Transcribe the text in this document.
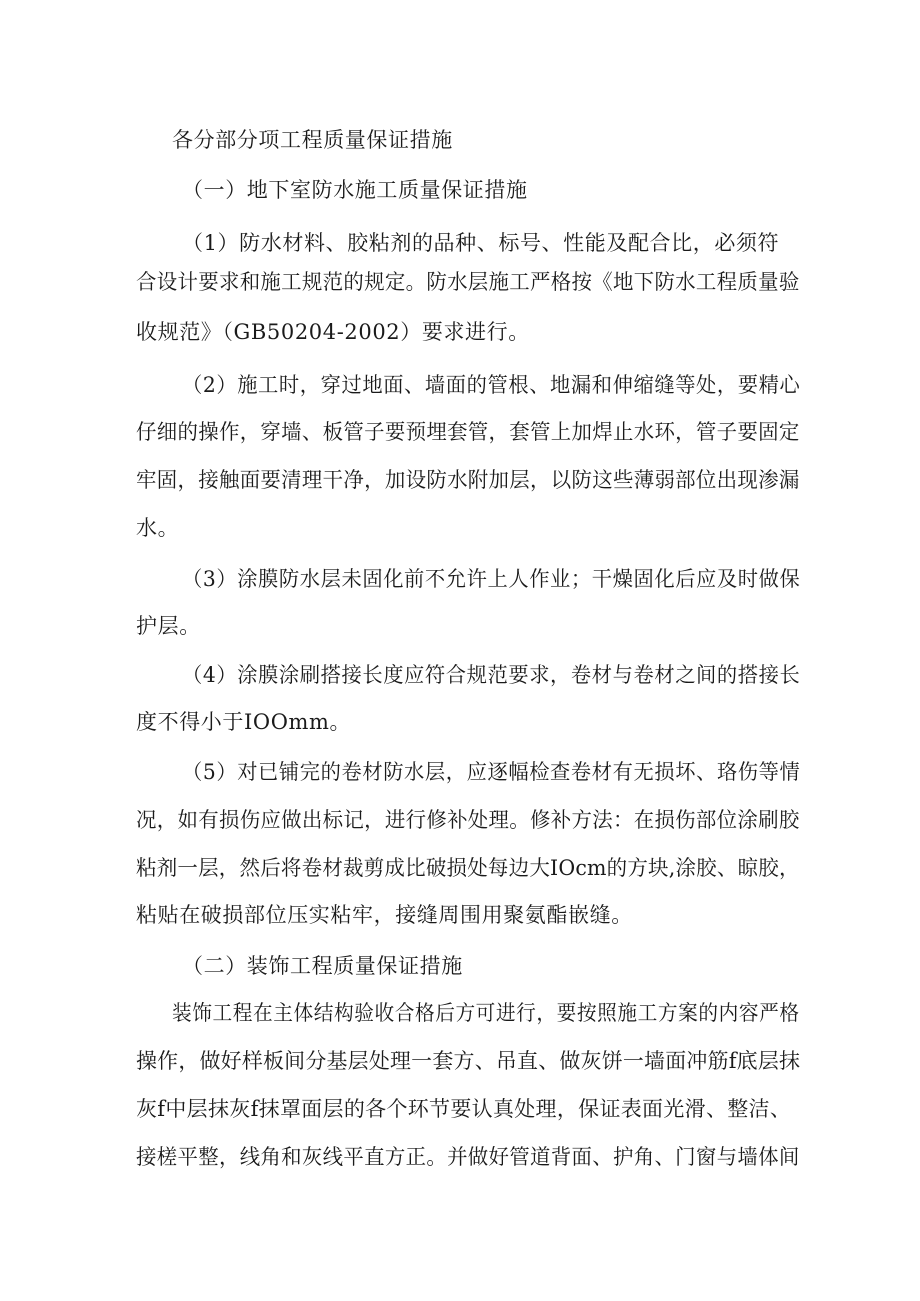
各分部分项工程质量保证措施
（一）地下室防水施工质量保证措施
（1）防水材料、胶粘剂的品种、标号、性能及配合比，必须符
合设计要求和施工规范的规定。防水层施工严格按《地下防水工程质量验
收规范》（GB50204-2002）要求进行。
（2）施工时，穿过地面、墙面的管根、地漏和伸缩缝等处，要精心
仔细的操作，穿墙、板管子要预埋套管，套管上加焊止水环，管子要固定
牢固，接触面要清理干净，加设防水附加层，以防这些薄弱部位出现渗漏
水。
（3）涂膜防水层未固化前不允许上人作业；干燥固化后应及时做保
护层。
（4）涂膜涂刷搭接长度应符合规范要求，卷材与卷材之间的搭接长
度不得小于IOOmm。
（5）对已铺完的卷材防水层，应逐幅检查卷材有无损坏、珞伤等情
况，如有损伤应做出标记，进行修补处理。修补方法：在损伤部位涂刷胶
粘剂一层，然后将卷材裁剪成比破损处每边大IOcm的方块,涂胶、晾胶，
粘贴在破损部位压实粘牢，接缝周围用聚氨酯嵌缝。
（二）装饰工程质量保证措施
装饰工程在主体结构验收合格后方可进行，要按照施工方案的内容严格
操作，做好样板间分基层处理一套方、吊直、做灰饼一墙面冲筋f底层抹
灰f中层抹灰f抹罩面层的各个环节要认真处理，保证表面光滑、整洁、
接槎平整，线角和灰线平直方正。并做好管道背面、护角、门窗与墙体间
